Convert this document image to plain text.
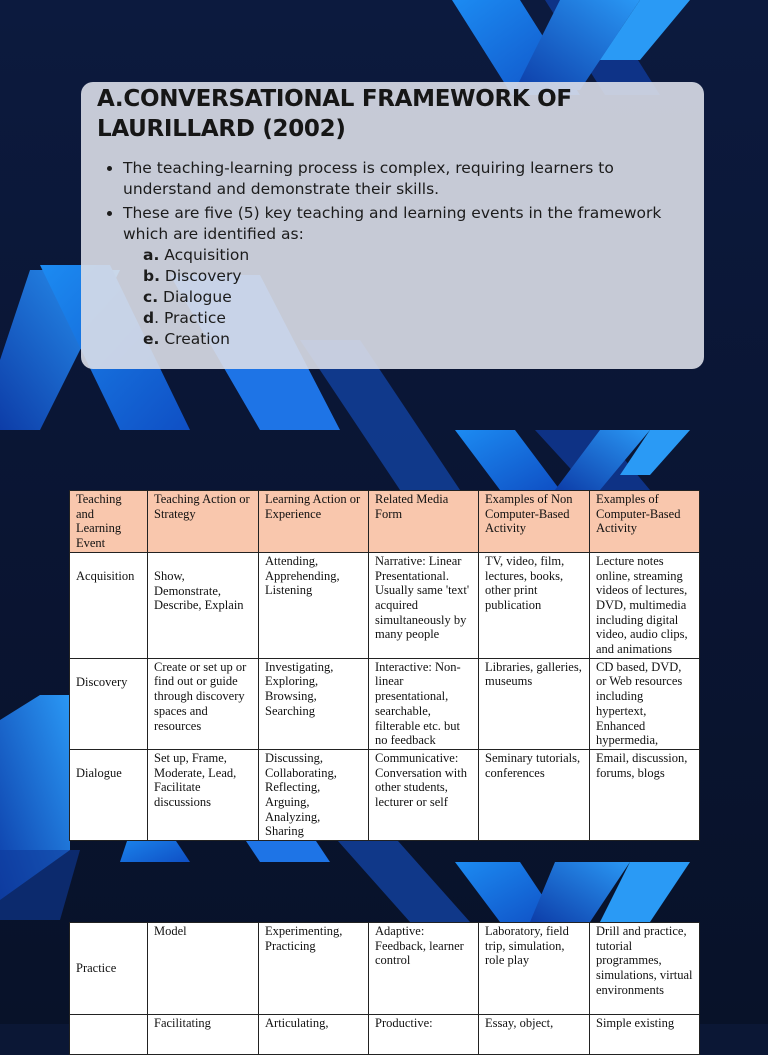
A.CONVERSATIONAL FRAMEWORK OF
LAURILLARD (2002)
• The teaching-learning process is complex, requiring learners to understand and demonstrate their skills.
• These are five (5) key teaching and learning events in the framework which are identified as:
a. Acquisition
b. Discovery
c. Dialogue
d. Practice
e. Creation
Teaching and Learning Event	Teaching Action or Strategy	Learning Action or Experience	Related Media Form	Examples of Non Computer-Based Activity	Examples of Computer-Based Activity
Acquisition	Show, Demonstrate, Describe, Explain	Attending, Apprehending, Listening	Narrative: Linear Presentational. Usually same 'text' acquired simultaneously by many people	TV, video, film, lectures, books, other print publication	Lecture notes online, streaming videos of lectures, DVD, multimedia including digital video, audio clips, and animations
Discovery	Create or set up or find out or guide through discovery spaces and resources	Investigating, Exploring, Browsing, Searching	Interactive: Non-linear presentational, searchable, filterable etc. but no feedback	Libraries, galleries, museums	CD based, DVD, or Web resources including hypertext, Enhanced hypermedia,
Dialogue	Set up, Frame, Moderate, Lead, Facilitate discussions	Discussing, Collaborating, Reflecting, Arguing, Analyzing, Sharing	Communicative: Conversation with other students, lecturer or self	Seminary tutorials, conferences	Email, discussion, forums, blogs
Practice	Model	Experimenting, Practicing	Adaptive: Feedback, learner control	Laboratory, field trip, simulation, role play	Drill and practice, tutorial programmes, simulations, virtual environments
	Facilitating	Articulating,	Productive:	Essay, object,	Simple existing
